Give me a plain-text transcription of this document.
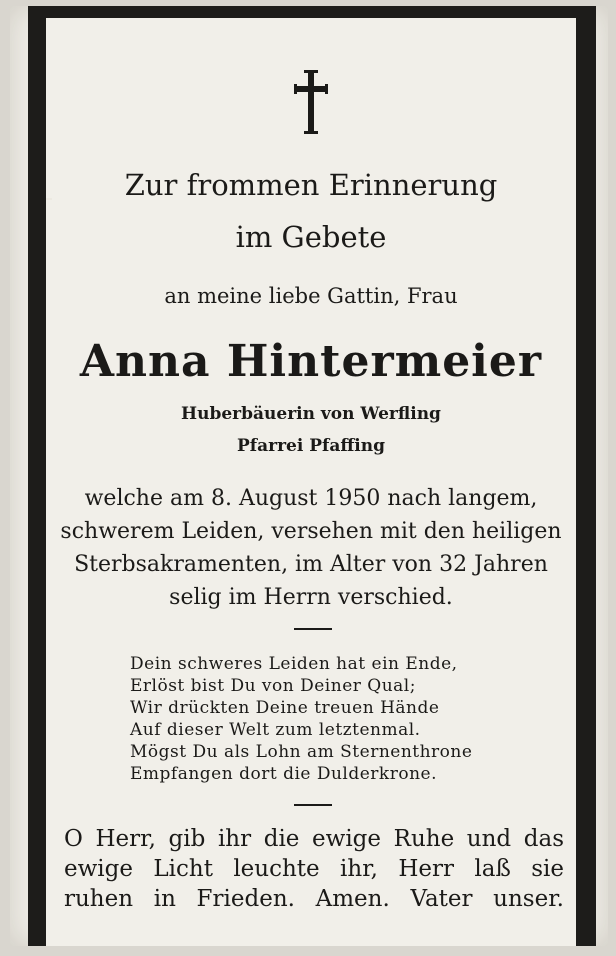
Zur frommen Erinnerung
im Gebete
an meine liebe Gattin, Frau
Anna Hintermeier
Huberbäuerin von Werfling
Pfarrei Pfaffing
welche am 8. August 1950 nach langem,
schwerem Leiden, versehen mit den heiligen
Sterbsakramenten, im Alter von 32 Jahren
selig im Herrn verschied.
Dein schweres Leiden hat ein Ende,
Erlöst bist Du von Deiner Qual;
Wir drückten Deine treuen Hände
Auf dieser Welt zum letztenmal.
Mögst Du als Lohn am Sternenthrone
Empfangen dort die Dulderkrone.
O Herr, gib ihr die ewige Ruhe und das
ewige Licht leuchte ihr, Herr laß sie
ruhen in Frieden. Amen. Vater unser.
